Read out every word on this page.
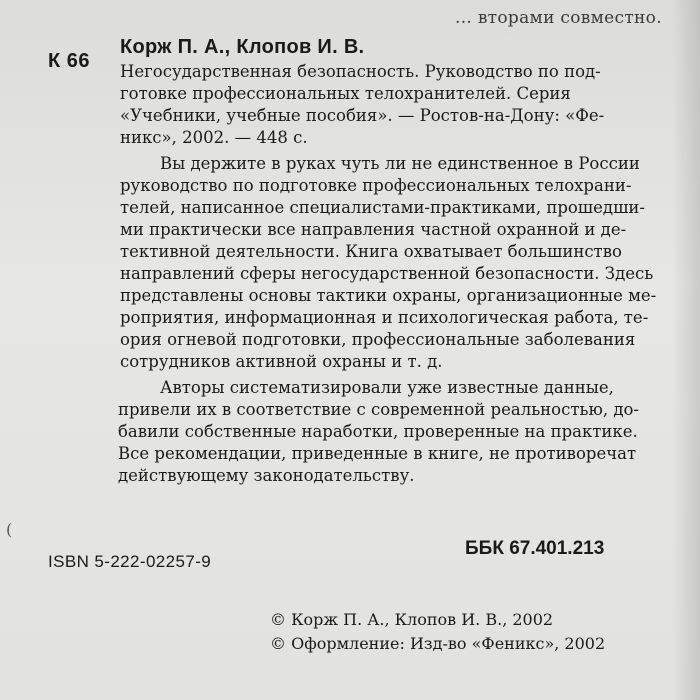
... вторами совместно.
К 66
Корж П. А., Клопов И. В.
Негосударственная безопасность. Руководство по под-
готовке профессиональных телохранителей. Серия
«Учебники, учебные пособия». — Ростов-на-Дону: «Фе-
никс», 2002. — 448 с.
Вы держите в руках чуть ли не единственное в России
руководство по подготовке профессиональных телохрани-
телей, написанное специалистами-практиками, прошедши-
ми практически все направления частной охранной и де-
тективной деятельности. Книга охватывает большинство
направлений сферы негосударственной безопасности. Здесь
представлены основы тактики охраны, организационные ме-
роприятия, информационная и психологическая работа, те-
ория огневой подготовки, профессиональные заболевания
сотрудников активной охраны и т. д.
Авторы систематизировали уже известные данные,
привели их в соответствие с современной реальностью, до-
бавили собственные наработки, проверенные на практике.
Все рекомендации, приведенные в книге, не противоречат
действующему законодательству.
(
ББК 67.401.213
ISBN 5-222-02257-9
© Корж П. А., Клопов И. В., 2002
© Оформление: Изд-во «Феникс», 2002
